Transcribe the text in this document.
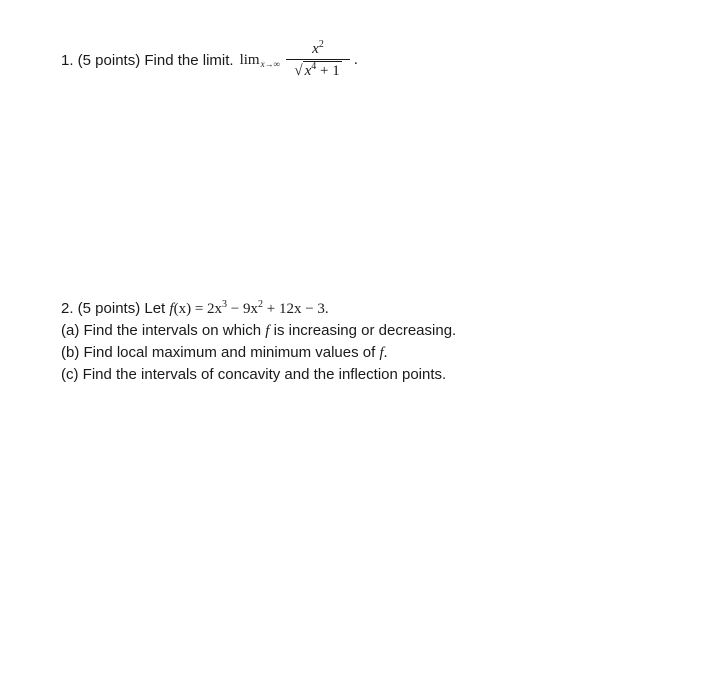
1. (5 points) Find the limit. $\lim x\to\infty \frac{x^2}{√ x^4 + 1}$ .
2. (5 points) Let $f(x) = 2x^3 - 9x^2 + 12x - 3$.
(a) Find the intervals on which f is increasing or decreasing.
(b) Find local maximum and minimum values of f.
(c) Find the intervals of concavity and the inflection points.
